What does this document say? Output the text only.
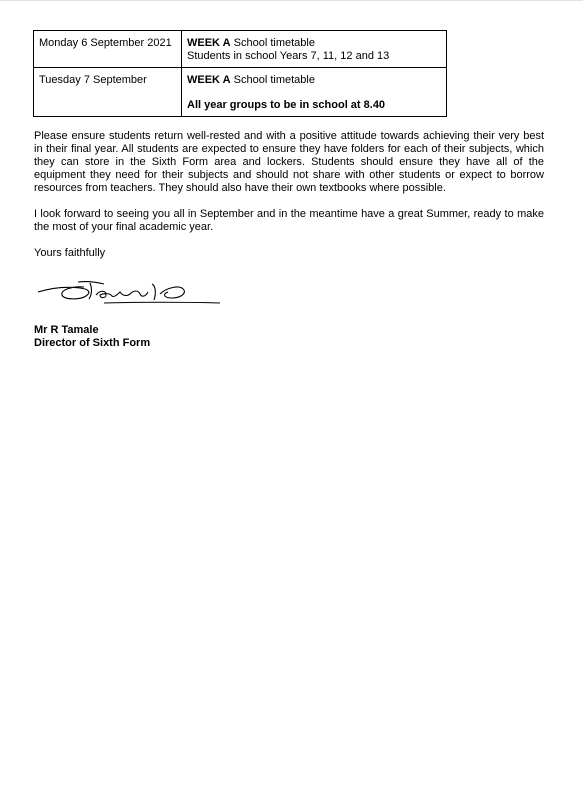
Monday 6 September 2021	WEEK A School timetable
Students in school Years 7, 11, 12 and 13
Tuesday 7 September	WEEK A School timetable
All year groups to be in school at 8.40

Please ensure students return well-rested and with a positive attitude towards achieving their very best in their final year. All students are expected to ensure they have folders for each of their subjects, which they can store in the Sixth Form area and lockers. Students should ensure they have all of the equipment they need for their subjects and should not share with other students or expect to borrow resources from teachers. They should also have their own textbooks where possible.

I look forward to seeing you all in September and in the meantime have a great Summer, ready to make the most of your final academic year.

Yours faithfully

Mr R Tamale
Director of Sixth Form
